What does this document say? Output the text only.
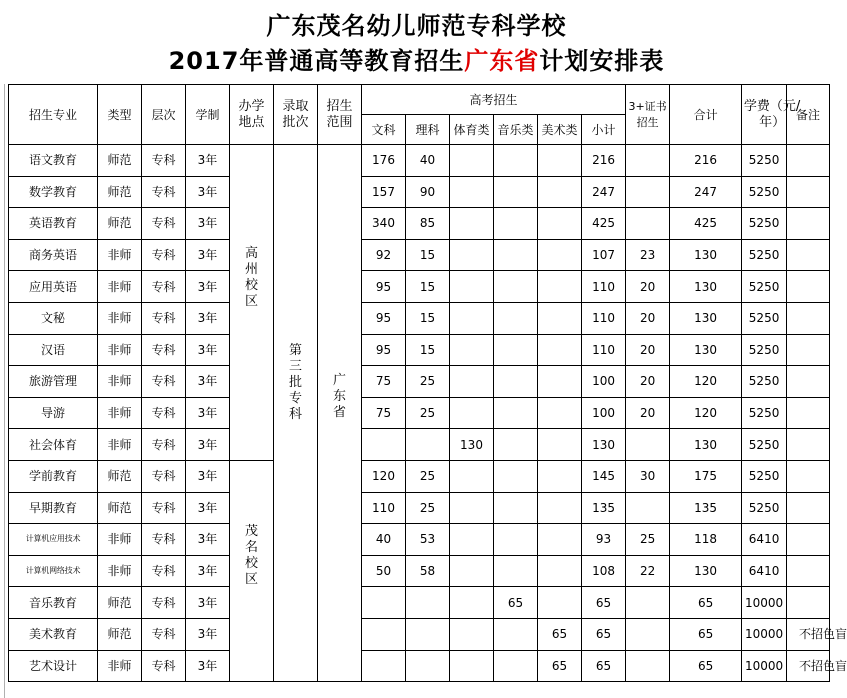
广东茂名幼儿师范专科学校
2017年普通高等教育招生广东省计划安排表
招生专业	类型	层次	学制	办学地点	录取批次	招生范围	高考招生						3+证书招生	合计	学费（元/年）	备注
							文科	理科	体育类	音乐类	美术类	小计				
语文教育	师范	专科	3年	高州校区	第三批专科	广东省	176	40				216		216	5250	
数学教育	师范	专科	3年				157	90				247		247	5250	
英语教育	师范	专科	3年				340	85				425		425	5250	
商务英语	非师	专科	3年				92	15				107	23	130	5250	
应用英语	非师	专科	3年				95	15				110	20	130	5250	
文秘	非师	专科	3年				95	15				110	20	130	5250	
汉语	非师	专科	3年				95	15				110	20	130	5250	
旅游管理	非师	专科	3年				75	25				100	20	120	5250	
导游	非师	专科	3年				75	25				100	20	120	5250	
社会体育	非师	专科	3年						130			130		130	5250	
学前教育	师范	专科	3年	茂名校区			120	25				145	30	175	5250	
早期教育	师范	专科	3年				110	25				135		135	5250	
计算机应用技术	非师	专科	3年				40	53				93	25	118	6410	
计算机网络技术	非师	专科	3年				50	58				108	22	130	6410	
音乐教育	师范	专科	3年							65		65		65	10000	
美术教育	师范	专科	3年								65	65		65	10000	不招色盲
艺术设计	非师	专科	3年								65	65		65	10000	不招色盲
